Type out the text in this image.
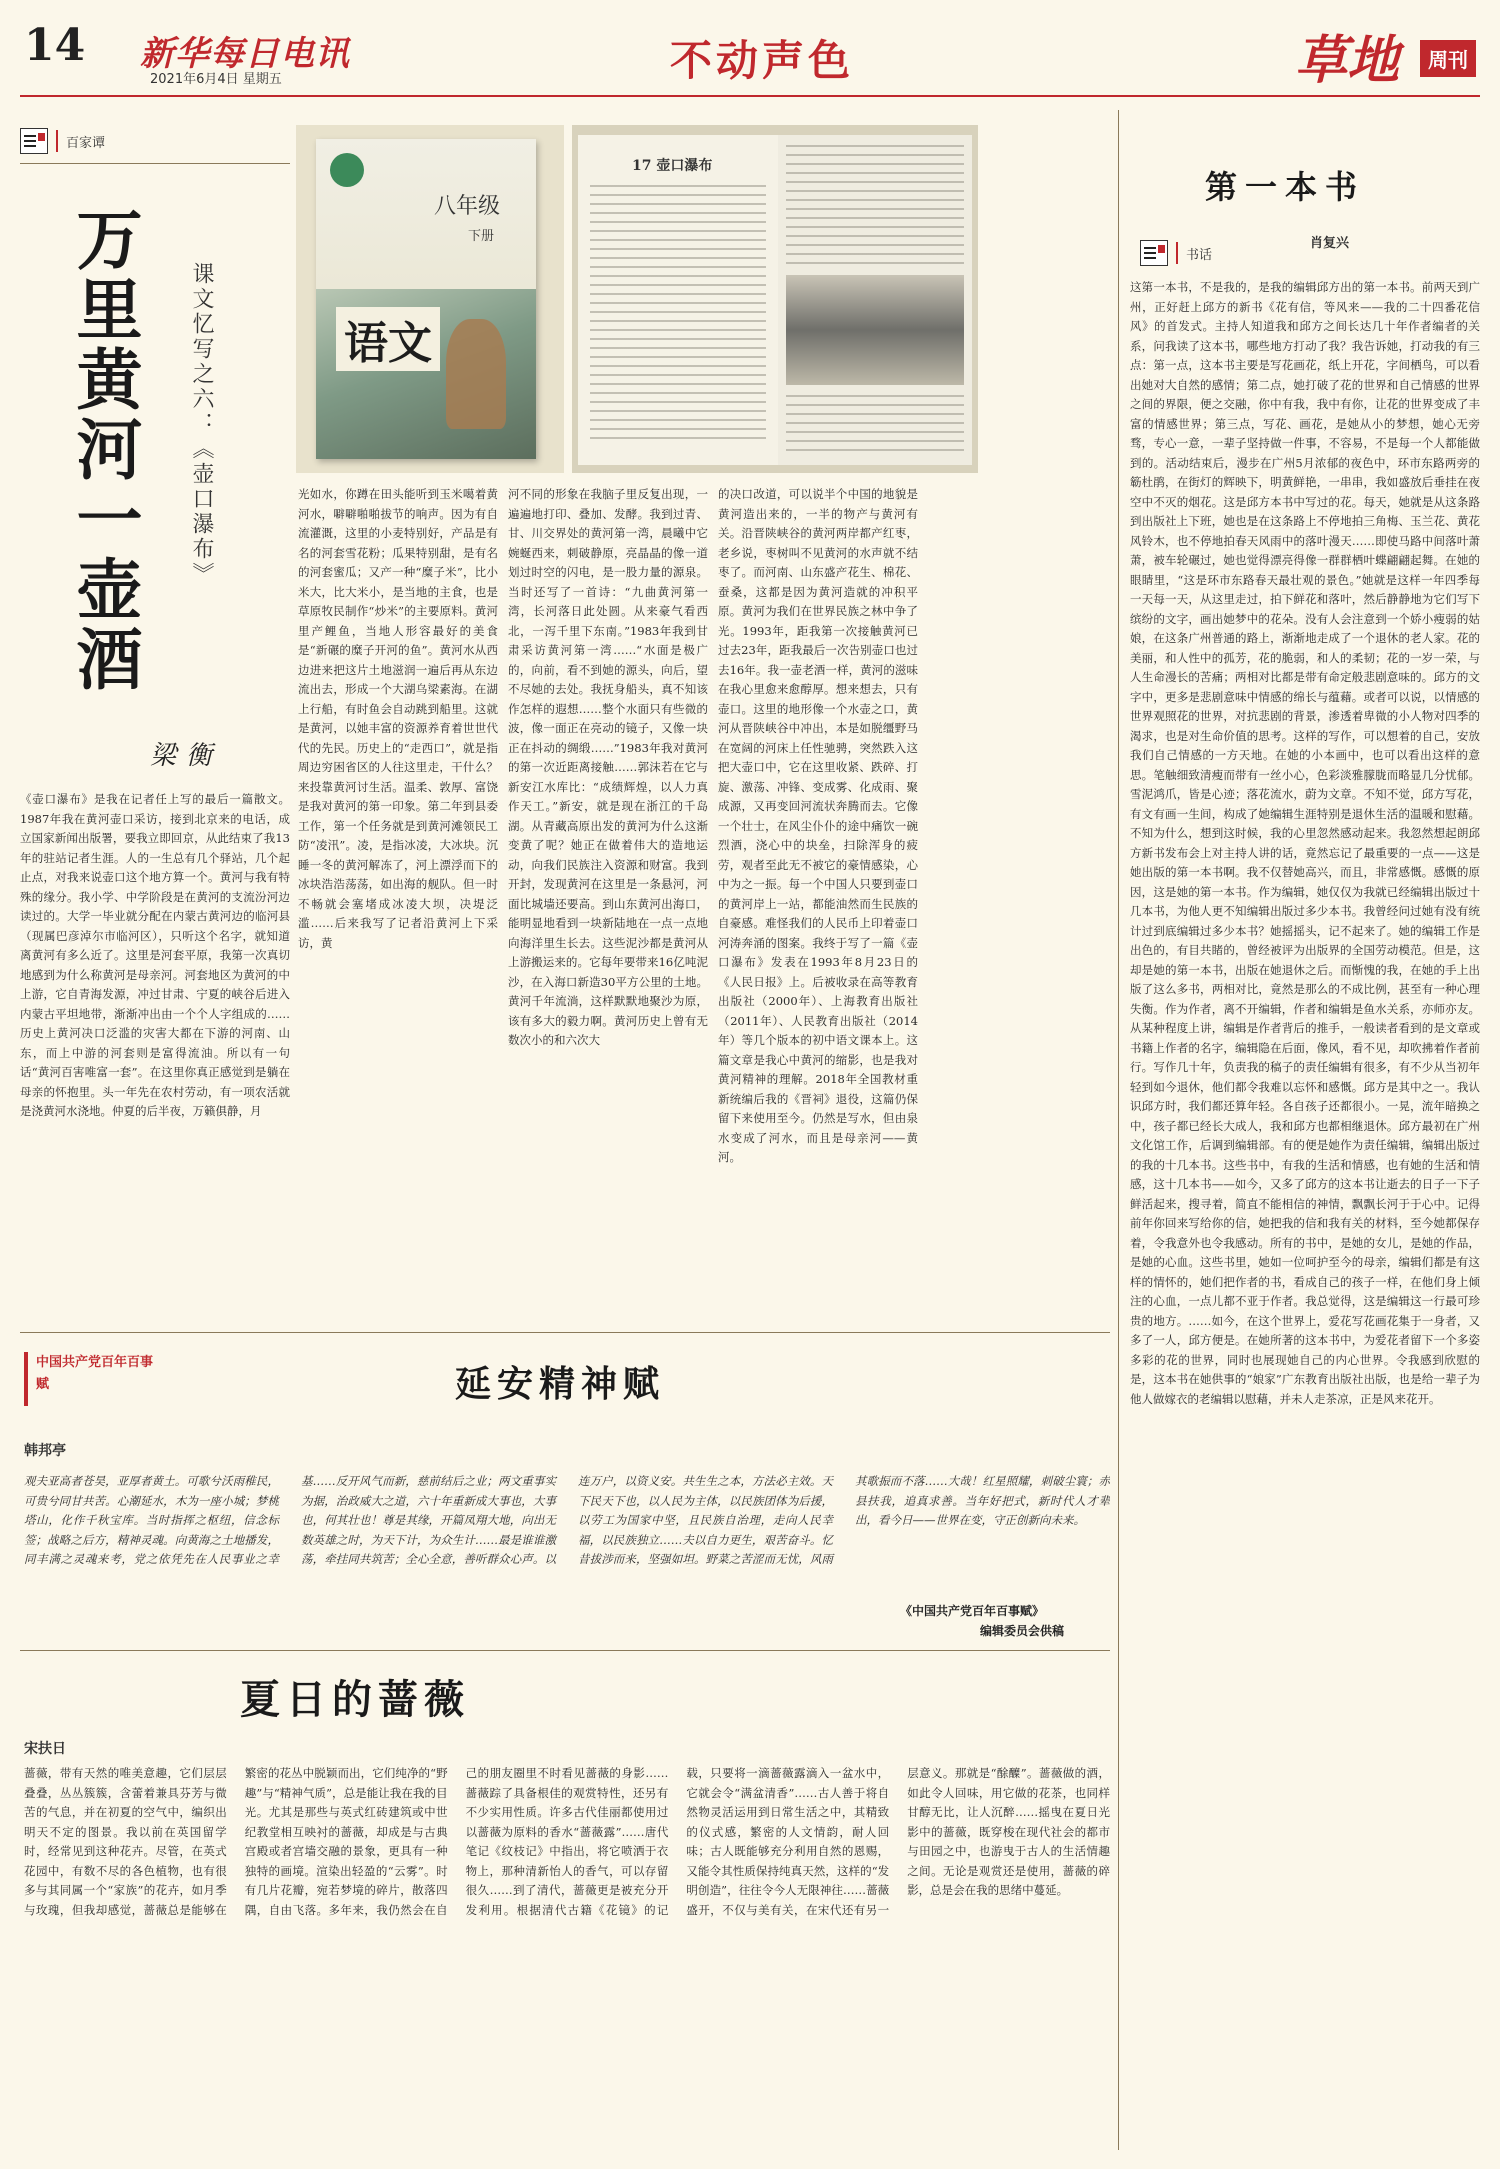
14 新华每日电讯
2021年6月4日 星期五	不动声色	草地	周刊
百家谭
万里黄河一壶酒 课文忆写之六：《壶口瀑布》
梁衡
八年级
下册
语文
17 壶口瀑布
《壶口瀑布》是我在记者任上写的最后一篇散文。1987年我在黄河壶口采访，接到北京来的电话，成立国家新闻出版署，要我立即回京，从此结束了我13年的驻站记者生涯。人的一生总有几个驿站，几个起止点，对我来说壶口这个地方算一个。黄河与我有特殊的缘分。我小学、中学阶段是在黄河的支流汾河边读过的。大学一毕业就分配在内蒙古黄河边的临河县（现属巴彦淖尔市临河区），只听这个名字，就知道离黄河有多么近了。这里是河套平原，我第一次真切地感到为什么称黄河是母亲河。河套地区为黄河的中上游，它自青海发源，冲过甘肃、宁夏的峡谷后进入内蒙古平坦地带，渐渐冲出由一个个人字组成的……历史上黄河决口泛滥的灾害大都在下游的河南、山东，而上中游的河套则是富得流油。所以有一句话“黄河百害唯富一套”。在这里你真正感觉到是躺在母亲的怀抱里。头一年先在农村劳动，有一项农活就是浇黄河水浇地。仲夏的后半夜，万籁俱静，月
光如水，你蹲在田头能听到玉米噶着黄河水，噼噼啪啪拔节的响声。因为有自流灌溉，这里的小麦特别好，产品是有名的河套雪花粉；瓜果特别甜，是有名的河套蜜瓜；又产一种“糜子米”，比小米大，比大米小，是当地的主食，也是草原牧民制作“炒米”的主要原料。黄河里产鲤鱼，当地人形容最好的美食是“新碾的糜子开河的鱼”。黄河水从西边进来把这片土地滋润一遍后再从东边流出去，形成一个大湖乌梁素海。在湖上行船，有时鱼会自动跳到船里。这就是黄河，以她丰富的资源养育着世世代代的先民。历史上的“走西口”，就是指周边穷困省区的人往这里走，干什么？来投靠黄河讨生活。温柔、敦厚、富饶是我对黄河的第一印象。第二年到县委工作，第一个任务就是到黄河滩领民工防“凌汛”。凌，是指冰凌，大冰块。沉睡一冬的黄河解冻了，河上漂浮而下的冰块浩浩荡荡，如出海的舰队。但一时不畅就会塞堵成冰凌大坝，决堤泛滥……后来我写了记者沿黄河上下采访，黄
河不同的形象在我脑子里反复出现，一遍遍地打印、叠加、发酵。我到过青、甘、川交界处的黄河第一湾，晨曦中它婉蜒西来，刺破静原，亮晶晶的像一道划过时空的闪电，是一股力量的源泉。当时还写了一首诗：“九曲黄河第一湾，长河落日此处圆。从来豪气看西北，一泻千里下东南。”1983年我到甘肃采访黄河第一湾……“水面是极广的，向前，看不到她的源头，向后，望不尽她的去处。我抚身船头，真不知该作怎样的遐想……整个水面只有些微的波，像一面正在亮动的镜子，又像一块正在抖动的绸缎……”1983年我对黄河的第一次近距离接触……郭沫若在它与新安江水库比：“成绩辉煌，以人力真作天工。”新安，就是现在浙江的千岛湖。从青藏高原出发的黄河为什么这渐变黄了呢？她正在做着伟大的造地运动，向我们民族注入资源和财富。我到开封，发现黄河在这里是一条悬河，河面比城墙还要高。到山东黄河出海口，能明显地看到一块新陆地在一点一点地向海洋里生长去。这些泥沙都是黄河从上游搬运来的。它每年要带来16亿吨泥沙，在入海口新造30平方公里的土地。黄河千年流淌，这样默默地聚沙为原，该有多大的毅力啊。黄河历史上曾有无数次小的和六次大
的决口改道，可以说半个中国的地貌是黄河造出来的，一半的物产与黄河有关。沿晋陕峡谷的黄河两岸都产红枣，老乡说，枣树叫不见黄河的水声就不结枣了。而河南、山东盛产花生、棉花、蚕桑，这都是因为黄河造就的冲积平原。黄河为我们在世界民族之林中争了光。1993年，距我第一次接触黄河已过去23年，距我最后一次告别壶口也过去16年。我一壶老酒一样，黄河的滋味在我心里愈来愈醇厚。想来想去，只有壶口。这里的地形像一个水壶之口，黄河从晋陕峡谷中冲出，本是如脱缰野马在宽阔的河床上任性驰骋，突然跌入这把大壶口中，它在这里收紧、跌碎、打旋、激荡、冲锋、变成雾、化成雨、聚成源，又再变回河流状奔腾而去。它像一个壮士，在风尘仆仆的途中痛饮一碗烈酒，浇心中的块垒，扫除浑身的疲劳，观者至此无不被它的豪情感染，心中为之一振。每一个中国人只要到壶口的黄河岸上一站，都能油然而生民族的自豪感。难怪我们的人民币上印着壶口河涛奔涌的图案。我终于写了一篇《壶口瀑布》发表在1993年8月23日的《人民日报》上。后被收录在高等教育出版社（2000年）、上海教育出版社（2011年）、人民教育出版社（2014年）等几个版本的初中语文课本上。这篇文章是我心中黄河的缩影，也是我对黄河精神的理解。2018年全国教材重新统编后我的《晋祠》退役，这篇仍保留下来使用至今。仍然是写水，但由泉水变成了河水，而且是母亲河——黄河。
中国共产党百年百事赋	延安精神赋
韩邦亭
观夫亚高者苍昊，亚厚者黄土。可歌兮沃雨稚民，可贵兮同甘共苦。心潮延水，木为一座小城；梦桃塔山，化作千秋宝库。当时指挥之枢纽，信念标签；战略之后方，精神灵魂。向黄海之土地播发，同丰满之灵魂来考，党之依凭先在人民事业之幸基……反开风气而新，慈前结后之业；两文重事实为据，治政威大之道，六十年重新成大事也，大事也，何其壮也！尊是其缘，开篇凤翔大地，向出无数英雄之时，为天下计，为众生计……最是谁谁激荡，牵挂同共筑苦；全心全意，善听群众心声。以连万户，以资义安。共生生之本，方法必主效。天下民天下也，以人民为主体，以民族团体为后援，以劳工为国家中坚，且民族自治理，走向人民幸福，以民族独立……夫以自力更生，艰苦奋斗。忆昔拔涉而来，坚强如坦。野菜之苦涩而无忧，风雨其歌振而不落……大哉！红星照耀，刺破尘寰；赤县扶我，追真求善。当年好把式，新时代人才辈出，看今日——世界在变，守正创新向未来。
《中国共产党百年百事赋》
编辑委员会供稿
夏日的蔷薇
宋扶日
蔷薇，带有天然的唯美意趣，它们层层叠叠，丛丛簇簇，含蕾着兼具芬芳与微苦的气息，并在初夏的空气中，编织出明天不定的图景。我以前在英国留学时，经常见到这种花卉。尽管，在英式花园中，有数不尽的各色植物，也有很多与其同属一个“家族”的花卉，如月季与玫瑰，但我却感觉，蔷薇总是能够在繁密的花丛中脱颖而出，它们纯净的“野趣”与“精神气质”，总是能让我在我的目光。尤其是那些与英式红砖建筑或中世纪教堂相互映衬的蔷薇，却成是与古典宫殿或者宫墙交融的景象，更具有一种独特的画境。渲染出轻盈的“云雾”。时有几片花瓣，宛若梦境的碎片，散落四隅，自由飞落。多年来，我仍然会在自己的朋友圈里不时看见蔷薇的身影……蔷薇踪了具备根佳的观赏特性，还另有不少实用性质。许多古代佳丽都使用过以蔷薇为原料的香水“蔷薇露”……唐代笔记《纹枝记》中指出，将它喷洒于衣物上，那种清新怡人的香气，可以存留很久……到了清代，蔷薇更是被充分开发利用。根据清代古籍《花镜》的记载，只要将一滴蔷薇露滴入一盆水中，它就会令“满盆清香”……古人善于将自然物灵活运用到日常生活之中，其精致的仪式感，繁密的人文情韵，耐人回味；古人既能够充分利用自然的恩赐，又能令其性质保持纯真天然，这样的“发明创造”，往往令今人无限神往……蔷薇盛开，不仅与美有关，在宋代还有另一层意义。那就是“酴醾”。蔷薇做的酒，如此令人回味，用它做的花茶，也同样甘醇无比，让人沉醉……摇曳在夏日光影中的蔷薇，既穿梭在现代社会的都市与田园之中，也游曳于古人的生活情趣之间。无论是观赏还是使用，蔷薇的碎影，总是会在我的思绪中蔓延。
第一本书
书话
肖复兴
这第一本书，不是我的，是我的编辑邱方出的第一本书。前两天到广州，正好赶上邱方的新书《花有信，等风来——我的二十四番花信风》的首发式。主持人知道我和邱方之间长达几十年作者编者的关系，问我读了这本书，哪些地方打动了我？我告诉她，打动我的有三点：第一点，这本书主要是写花画花，纸上开花，字间栖鸟，可以看出她对大自然的感情；第二点，她打破了花的世界和自己情感的世界之间的界限，便之交融，你中有我，我中有你，让花的世界变成了丰富的情感世界；第三点，写花、画花，是她从小的梦想，她心无旁骛，专心一意，一辈子坚持做一件事，不容易，不是每一个人都能做到的。活动结束后，漫步在广州5月浓郁的夜色中，环市东路两旁的簕杜鹃，在街灯的辉映下，明黄鲜艳，一串串，我如盛放后垂挂在夜空中不灭的烟花。这是邱方本书中写过的花。每天，她就是从这条路到出版社上下班，她也是在这条路上不停地拍三角梅、玉兰花、黄花风铃木，也不停地拍春天风雨中的落叶漫天……即使马路中间落叶萧萧，被车轮碾过，她也觉得漂亮得像一群群栖叶蝶翩翩起舞。在她的眼睛里，“这是环市东路春天最壮观的景色。”她就是这样一年四季每一天每一天，从这里走过，拍下鲜花和落叶，然后静静地为它们写下缤纷的文字，画出她梦中的花朵。没有人会注意到一个娇小瘦弱的姑娘，在这条广州普通的路上，渐渐地走成了一个退休的老人家。花的美丽，和人性中的孤芳，花的脆弱，和人的柔韧；花的一岁一荣，与人生命漫长的苦痛；两相对比都是带有命定般悲剧意味的。邱方的文字中，更多是悲剧意味中情感的绵长与蕴藉。或者可以说，以情感的世界观照花的世界，对抗悲剧的背景，渗透着卑微的小人物对四季的渴求，也是对生命价值的思考。这样的写作，可以想着的自己，安放我们自己情感的一方天地。在她的小本画中，也可以看出这样的意思。笔触细致清瘦而带有一丝小心，色彩淡雅朦胧而略显几分忧郁。雪泥鸿爪，皆是心迹；落花流水，蔚为文章。不知不觉，邱方写花，有文有画一生间，构成了她编辑生涯特别是退休生活的温暖和慰藉。不知为什么，想到这时候，我的心里忽然感动起来。我忽然想起朗邱方新书发布会上对主持人讲的话，竟然忘记了最重要的一点——这是她出版的第一本书啊。我不仅替她高兴，而且，非常感慨。感慨的原因，这是她的第一本书。作为编辑，她仅仅为我就已经编辑出版过十几本书，为他人更不知编辑出版过多少本书。我曾经问过她有没有统计过到底编辑过多少本书？她摇摇头，记不起来了。她的编辑工作是出色的，有目共睹的，曾经被评为出版界的全国劳动模范。但是，这却是她的第一本书，出版在她退休之后。而惭愧的我，在她的手上出版了这么多书，两相对比，竟然是那么的不成比例，甚至有一种心理失衡。作为作者，离不开编辑，作者和编辑是鱼水关系，亦师亦友。从某种程度上讲，编辑是作者背后的推手，一般读者看到的是文章或书籍上作者的名字，编辑隐在后面，像风，看不见，却吹拂着作者前行。写作几十年，负责我的稿子的责任编辑有很多，有不少从当初年轻到如今退休，他们都令我难以忘怀和感慨。邱方是其中之一。我认识邱方时，我们都还算年轻。各自孩子还都很小。一晃，流年暗换之中，孩子都已经长大成人，我和邱方也都相继退休。邱方最初在广州文化馆工作，后调到编辑部。有的便是她作为责任编辑，编辑出版过的我的十几本书。这些书中，有我的生活和情感，也有她的生活和情感，这十几本书——如今，又多了邱方的这本书让逝去的日子一下子鲜活起来，搜寻着，简直不能相信的神情，飘飘长河于于心中。记得前年你回来写给你的信，她把我的信和我有关的材料，至今她都保存着，令我意外也令我感动。所有的书中，是她的女儿，是她的作品，是她的心血。这些书里，她如一位呵护至今的母亲，编辑们都是有这样的情怀的，她们把作者的书，看成自己的孩子一样，在他们身上倾注的心血，一点儿都不亚于作者。我总觉得，这是编辑这一行最可珍贵的地方。……如今，在这个世界上，爱花写花画花集于一身者，又多了一人，邱方便是。在她所著的这本书中，为爱花者留下一个多姿多彩的花的世界，同时也展现她自己的内心世界。令我感到欣慰的是，这本书在她供事的“娘家”广东教育出版社出版，也是给一辈子为他人做嫁衣的老编辑以慰藉，并未人走茶凉，正是风来花开。
